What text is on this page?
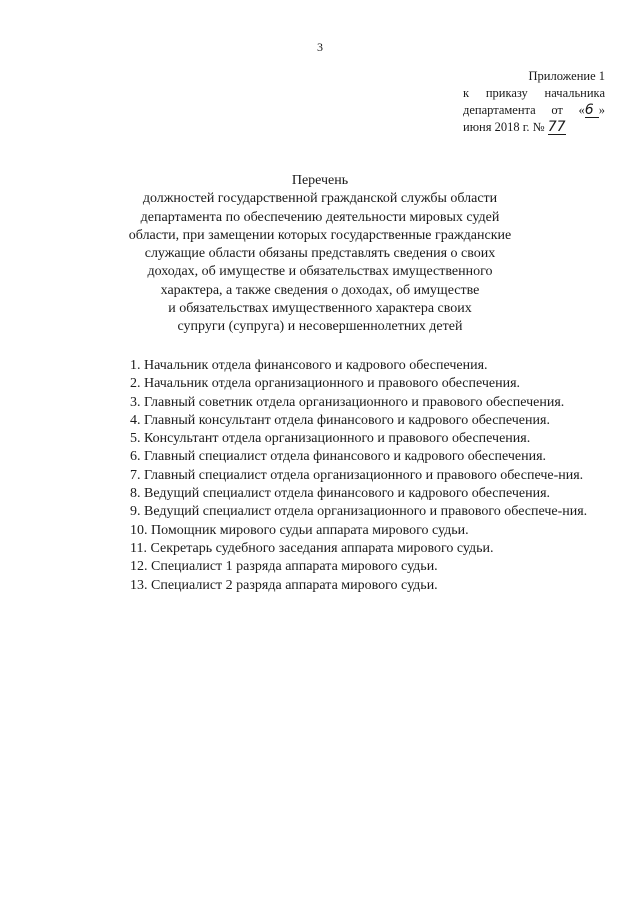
3
Приложение 1
к приказу начальника
департамента от «6 »
июня 2018 г. № 77
Перечень
должностей государственной гражданской службы области
департамента по обеспечению деятельности мировых судей
области, при замещении которых государственные гражданские
служащие области обязаны представлять сведения о своих
доходах, об имуществе и обязательствах имущественного
характера, а также сведения о доходах, об имуществе
и обязательствах имущественного характера своих
супруги (супруга) и несовершеннолетних детей
1. Начальник отдела финансового и кадрового обеспечения.
2. Начальник отдела организационного и правового обеспечения.
3. Главный советник отдела организационного и правового обеспечения.
4. Главный консультант отдела финансового и кадрового обеспечения.
5. Консультант отдела организационного и правового обеспечения.
6. Главный специалист отдела финансового и кадрового обеспечения.
7. Главный специалист отдела организационного и правового обеспече-ния.
8. Ведущий специалист отдела финансового и кадрового обеспечения.
9. Ведущий специалист отдела организационного и правового обеспече-ния.
10. Помощник мирового судьи аппарата мирового судьи.
11. Секретарь судебного заседания аппарата мирового судьи.
12. Специалист 1 разряда аппарата мирового судьи.
13. Специалист 2 разряда аппарата мирового судьи.
